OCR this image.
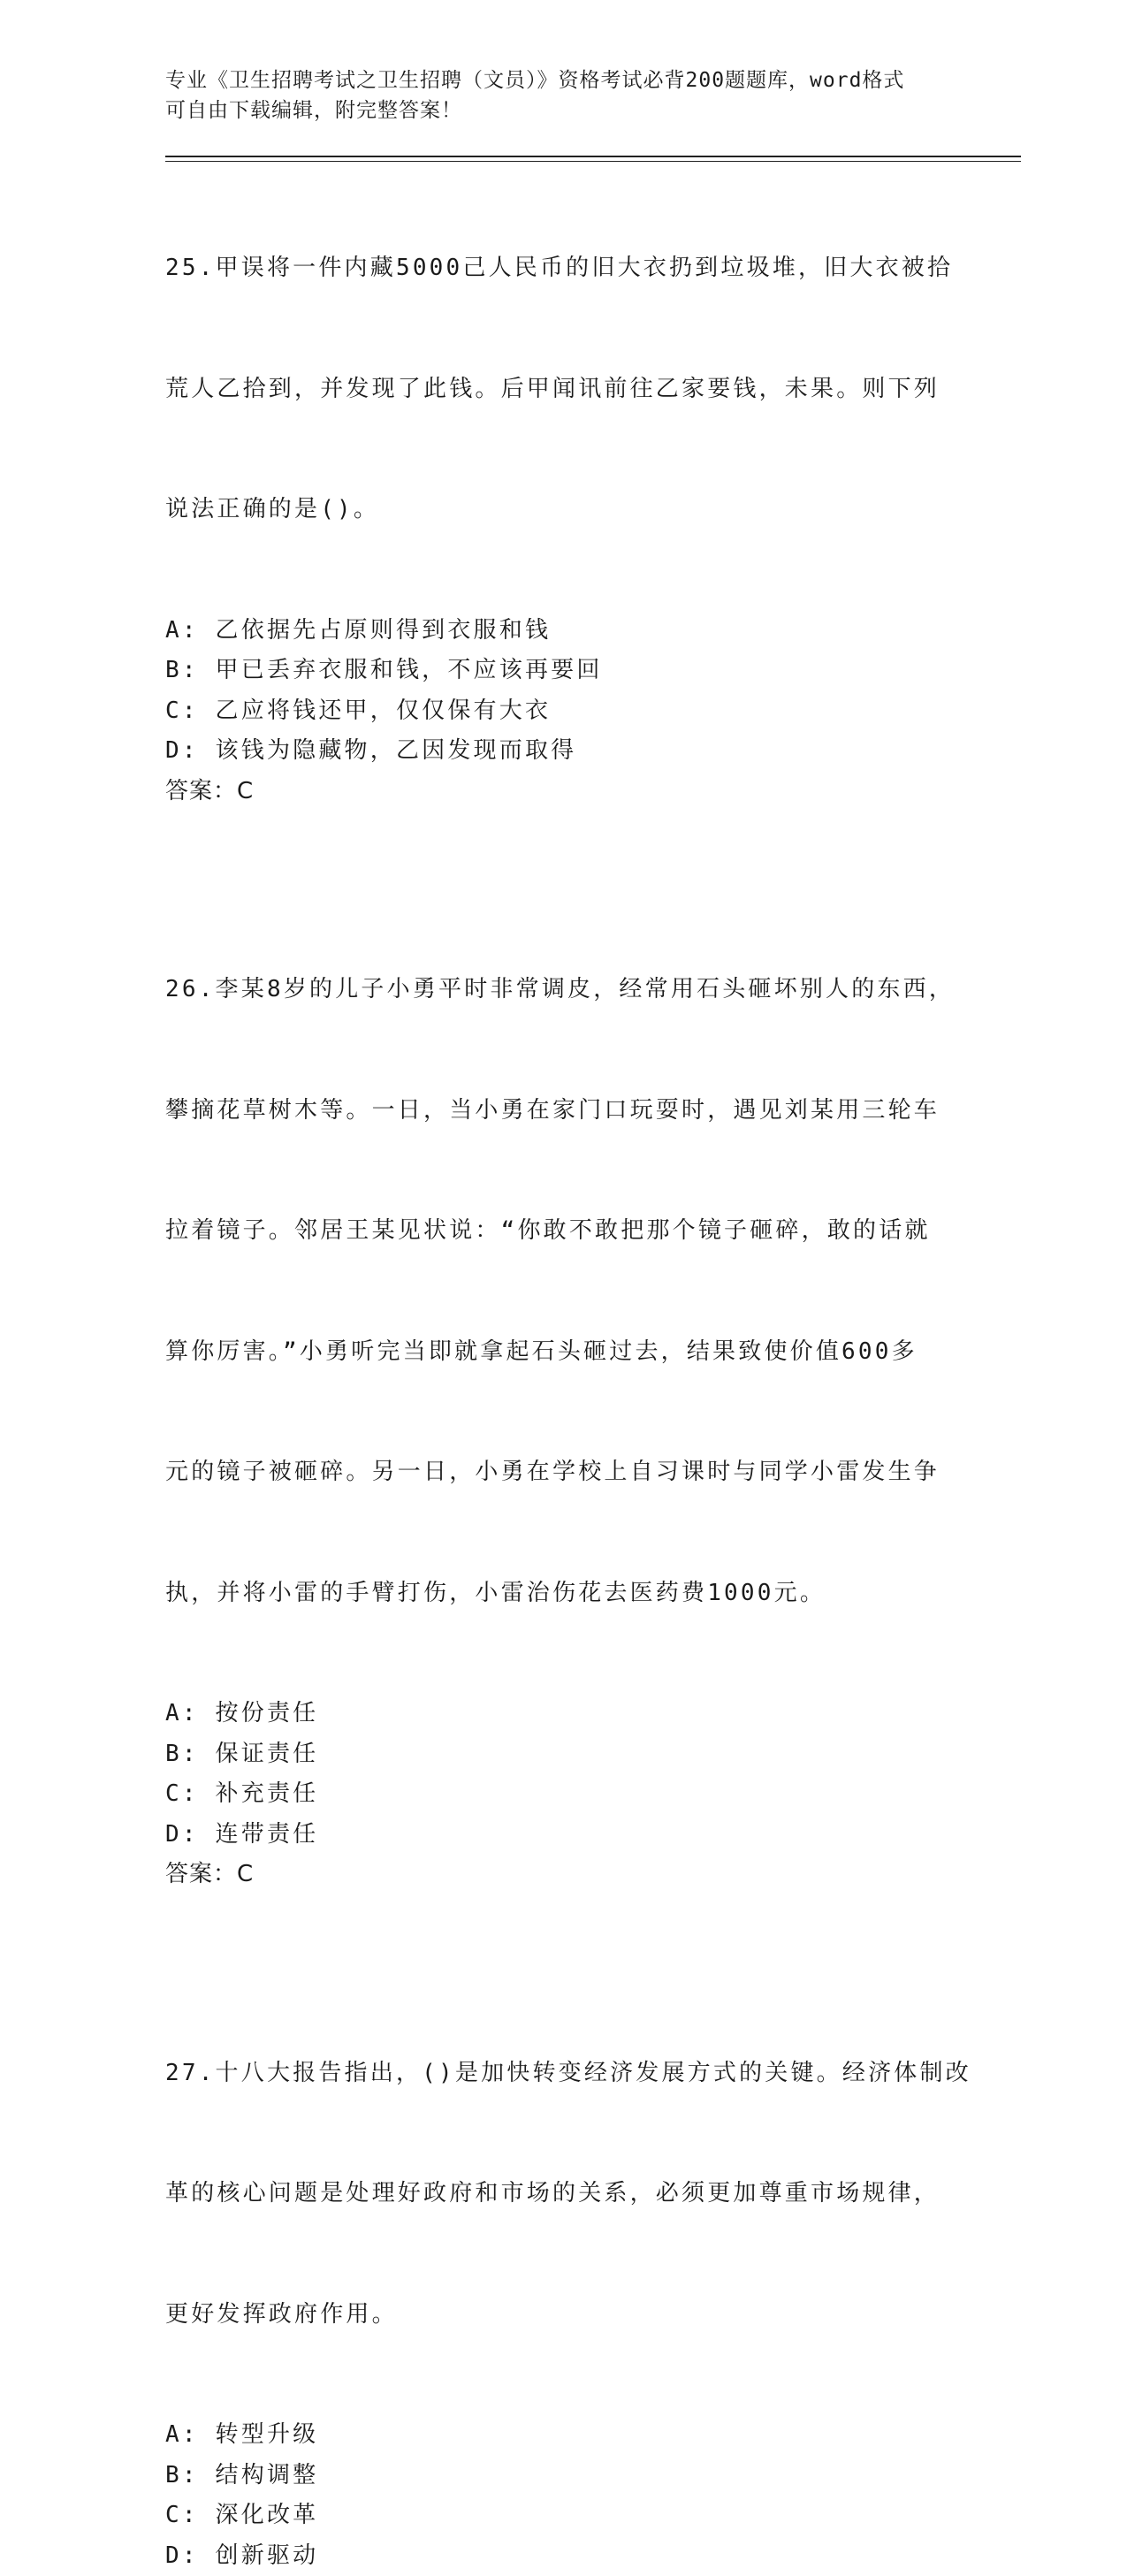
专业《卫生招聘考试之卫生招聘（文员）》资格考试必背200题题库，word格式
可自由下载编辑，附完整答案！

25.甲误将一件内藏5000己人民币的旧大衣扔到垃圾堆，旧大衣被拾

荒人乙拾到，并发现了此钱。后甲闻讯前往乙家要钱，未果。则下列

说法正确的是()。

A: 乙依据先占原则得到衣服和钱
B: 甲已丢弃衣服和钱，不应该再要回
C: 乙应将钱还甲，仅仅保有大衣
D: 该钱为隐藏物，乙因发现而取得
答案：C

26.李某8岁的儿子小勇平时非常调皮，经常用石头砸坏别人的东西，

攀摘花草树木等。一日，当小勇在家门口玩耍时，遇见刘某用三轮车

拉着镜子。邻居王某见状说：“你敢不敢把那个镜子砸碎，敢的话就

算你厉害。”小勇听完当即就拿起石头砸过去，结果致使价值600多

元的镜子被砸碎。另一日，小勇在学校上自习课时与同学小雷发生争

执，并将小雷的手臂打伤，小雷治伤花去医药费1000元。

A: 按份责任
B: 保证责任
C: 补充责任
D: 连带责任
答案：C

27.十八大报告指出，()是加快转变经济发展方式的关键。经济体制改

革的核心问题是处理好政府和市场的关系，必须更加尊重市场规律，

更好发挥政府作用。

A: 转型升级
B: 结构调整
C: 深化改革
D: 创新驱动
